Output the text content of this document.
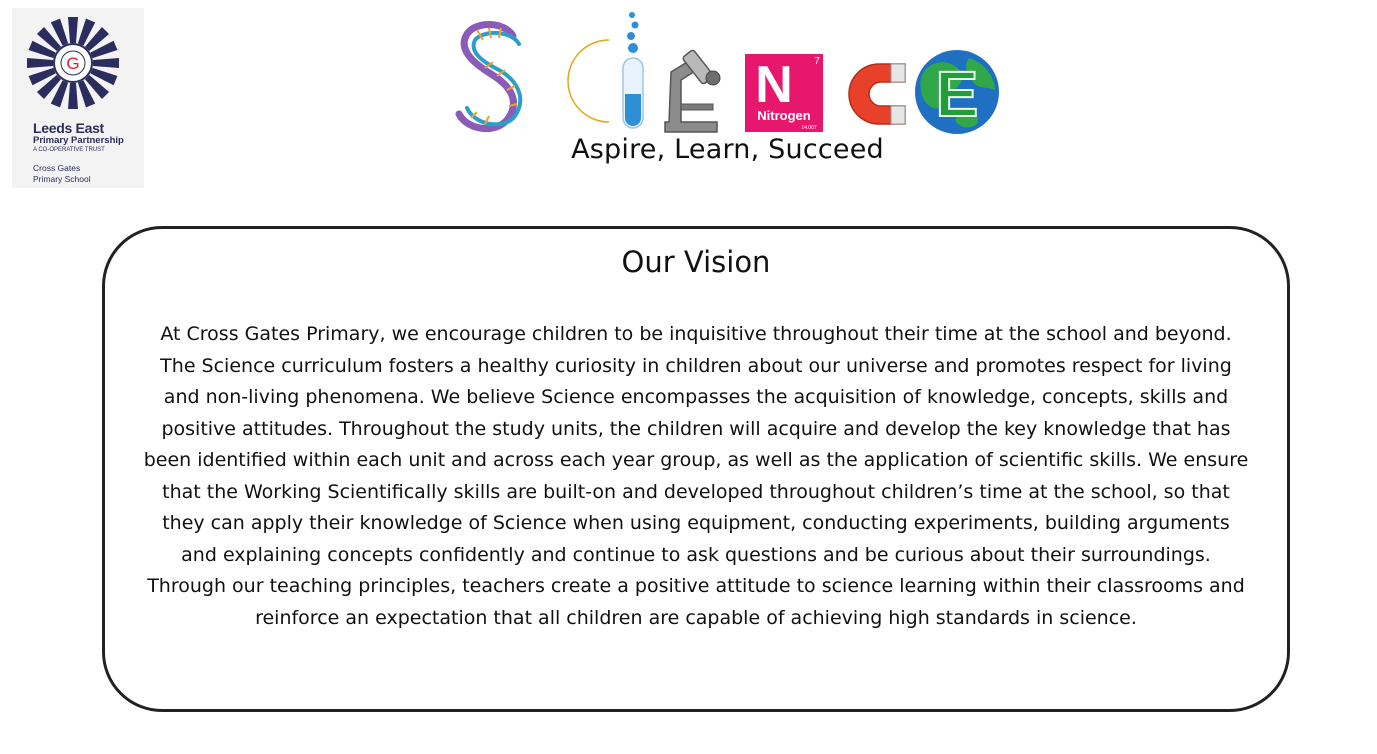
G
Leeds East
Primary Partnership
A CO-OPERATIVE TRUST
Cross Gates
Primary School
N 7
Nitrogen
14.007 E
Aspire, Learn, Succeed
Our Vision
At Cross Gates Primary, we encourage children to be inquisitive throughout their time at the school and beyond. The Science curriculum fosters a healthy curiosity in children about our universe and promotes respect for living and non-living phenomena. We believe Science encompasses the acquisition of knowledge, concepts, skills and positive attitudes. Throughout the study units, the children will acquire and develop the key knowledge that has been identified within each unit and across each year group, as well as the application of scientific skills. We ensure that the Working Scientifically skills are built-on and developed throughout children’s time at the school, so that they can apply their knowledge of Science when using equipment, conducting experiments, building arguments and explaining concepts confidently and continue to ask questions and be curious about their surroundings. Through our teaching principles, teachers create a positive attitude to science learning within their classrooms and reinforce an expectation that all children are capable of achieving high standards in science.
